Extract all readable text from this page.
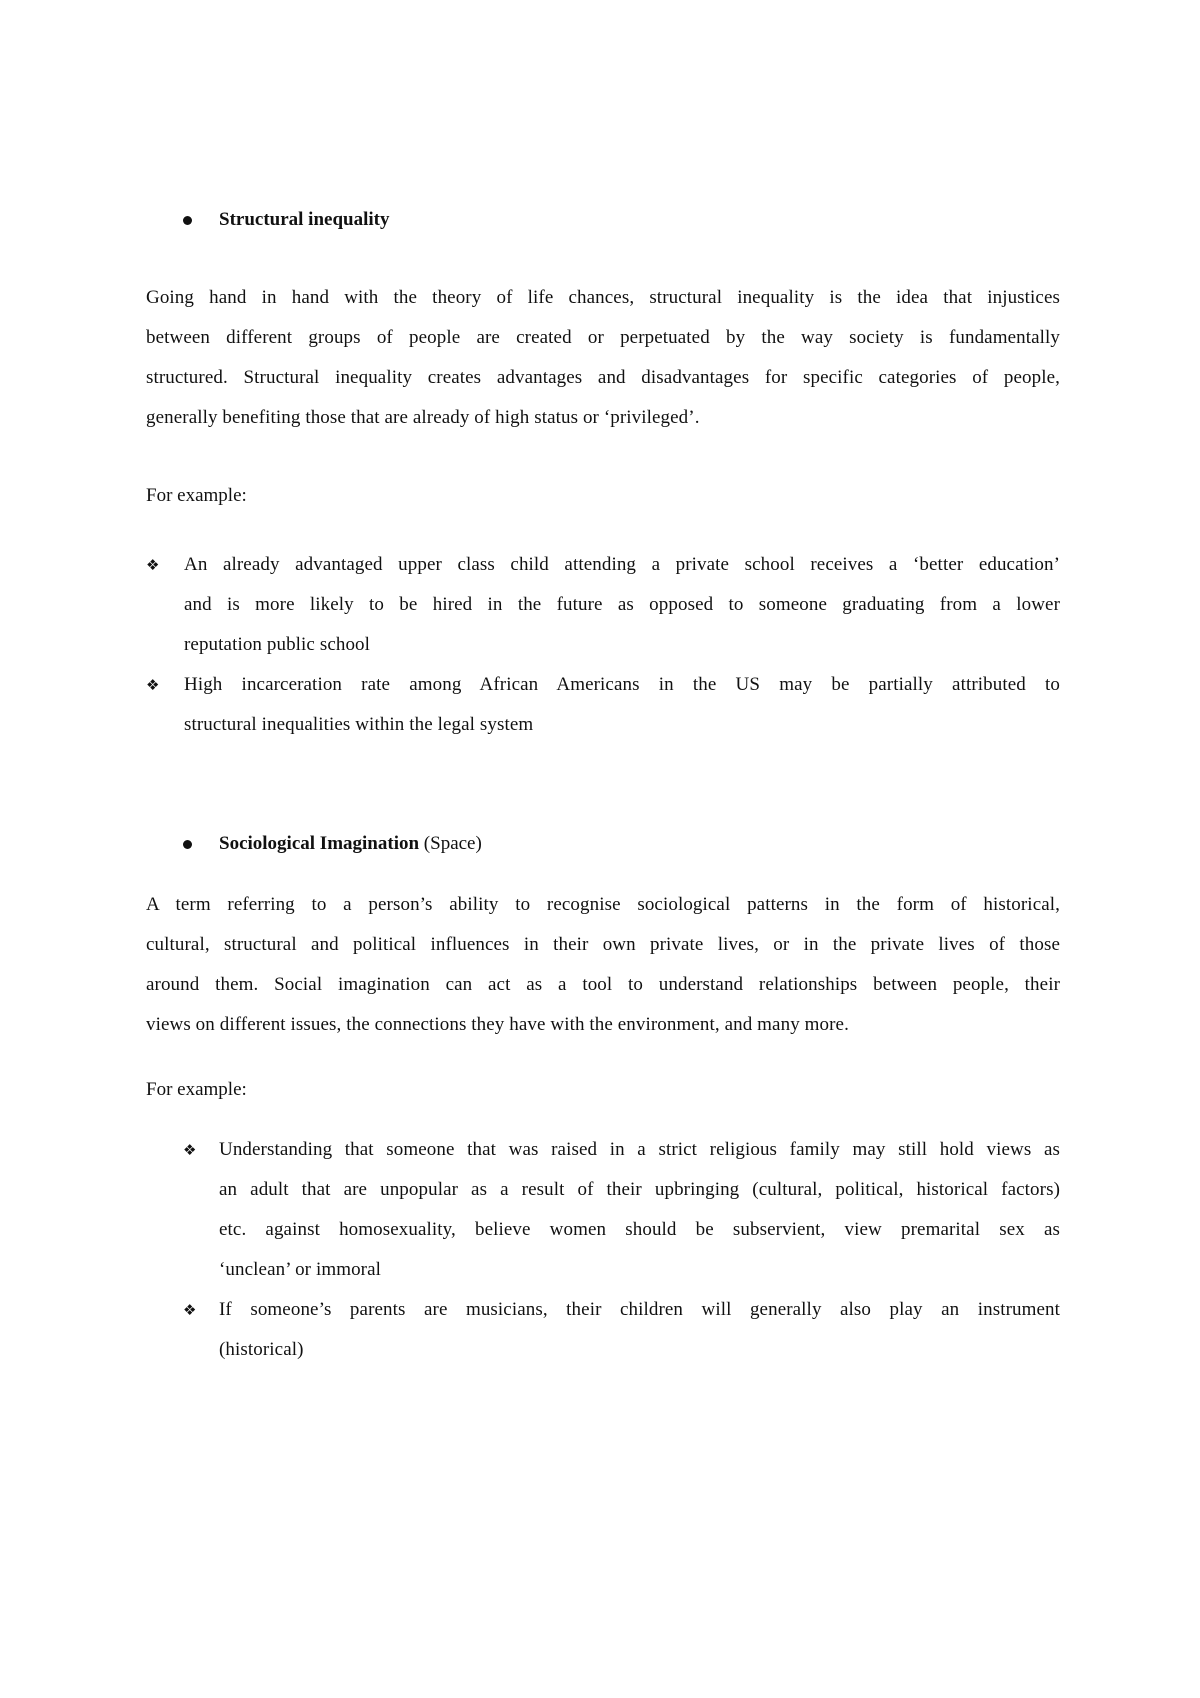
Structural inequality
Going hand in hand with the theory of life chances, structural inequality is the idea that injustices
between different groups of people are created or perpetuated by the way society is fundamentally
structured. Structural inequality creates advantages and disadvantages for specific categories of people,
generally benefiting those that are already of high status or ‘privileged’.
For example:
❖ An already advantaged upper class child attending a private school receives a ‘better education’
and is more likely to be hired in the future as opposed to someone graduating from a lower
reputation public school
❖ High incarceration rate among African Americans in the US may be partially attributed to
structural inequalities within the legal system
Sociological Imagination (Space)
A term referring to a person’s ability to recognise sociological patterns in the form of historical,
cultural, structural and political influences in their own private lives, or in the private lives of those
around them. Social imagination can act as a tool to understand relationships between people, their
views on different issues, the connections they have with the environment, and many more.
For example:
❖ Understanding that someone that was raised in a strict religious family may still hold views as
an adult that are unpopular as a result of their upbringing (cultural, political, historical factors)
etc. against homosexuality, believe women should be subservient, view premarital sex as
‘unclean’ or immoral
❖ If someone’s parents are musicians, their children will generally also play an instrument
(historical)
